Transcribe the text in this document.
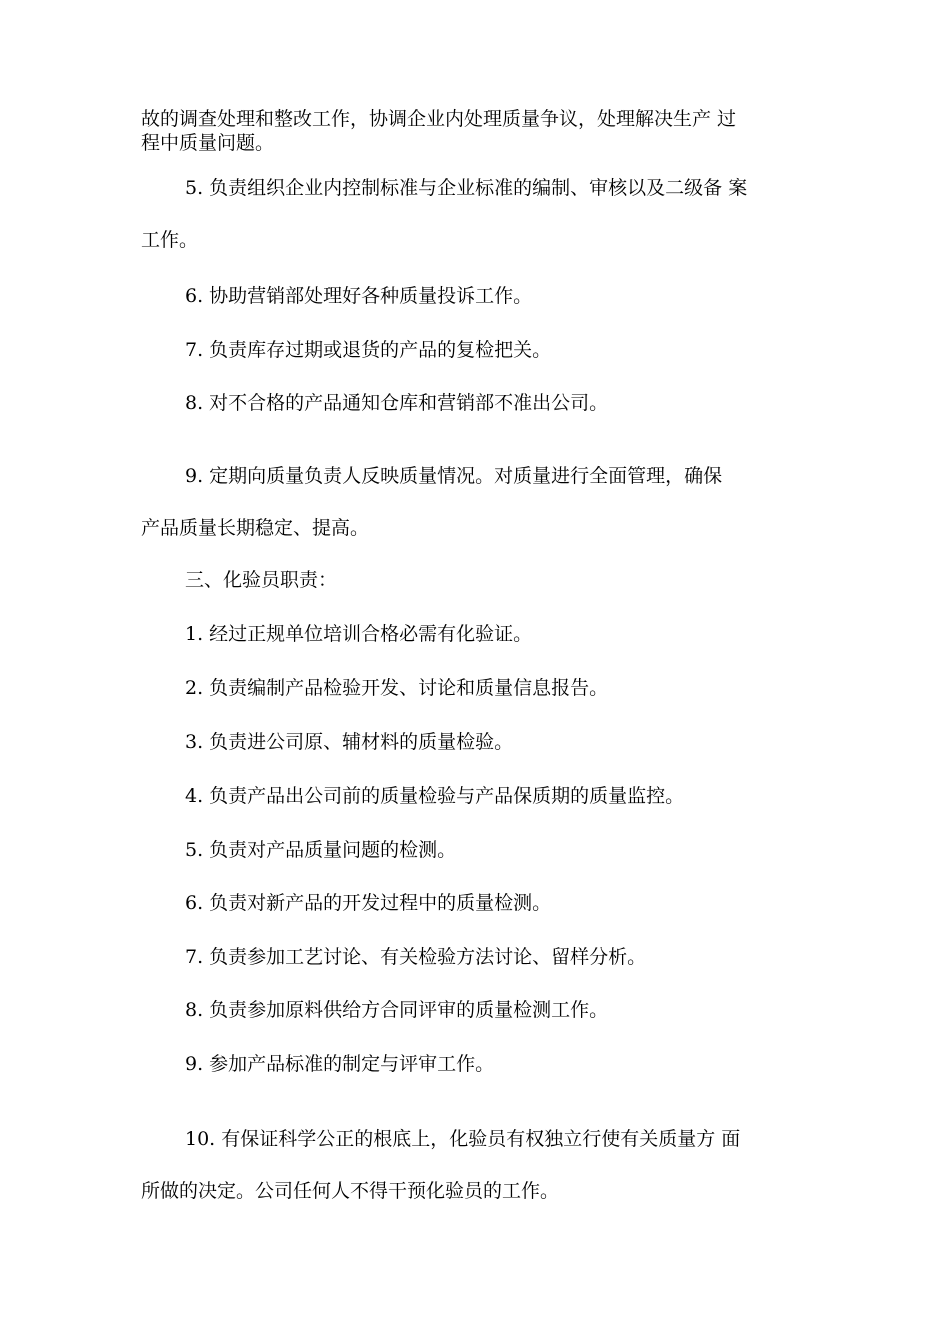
故的调查处理和整改工作，协调企业内处理质量争议，处理解决生产 过
程中质量问题。
5. 负责组织企业内控制标准与企业标准的编制、审核以及二级备 案
工作。
6. 协助营销部处理好各种质量投诉工作。
7. 负责库存过期或退货的产品的复检把关。
8. 对不合格的产品通知仓库和营销部不准出公司。
9. 定期向质量负责人反映质量情况。对质量进行全面管理，确保
产品质量长期稳定、提高。
三、化验员职责：
1. 经过正规单位培训合格必需有化验证。
2. 负责编制产品检验开发、讨论和质量信息报告。
3. 负责进公司原、辅材料的质量检验。
4. 负责产品出公司前的质量检验与产品保质期的质量监控。
5. 负责对产品质量问题的检测。
6. 负责对新产品的开发过程中的质量检测。
7. 负责参加工艺讨论、有关检验方法讨论、留样分析。
8. 负责参加原料供给方合同评审的质量检测工作。
9. 参加产品标准的制定与评审工作。
10. 有保证科学公正的根底上，化验员有权独立行使有关质量方 面
所做的决定。公司任何人不得干预化验员的工作。
